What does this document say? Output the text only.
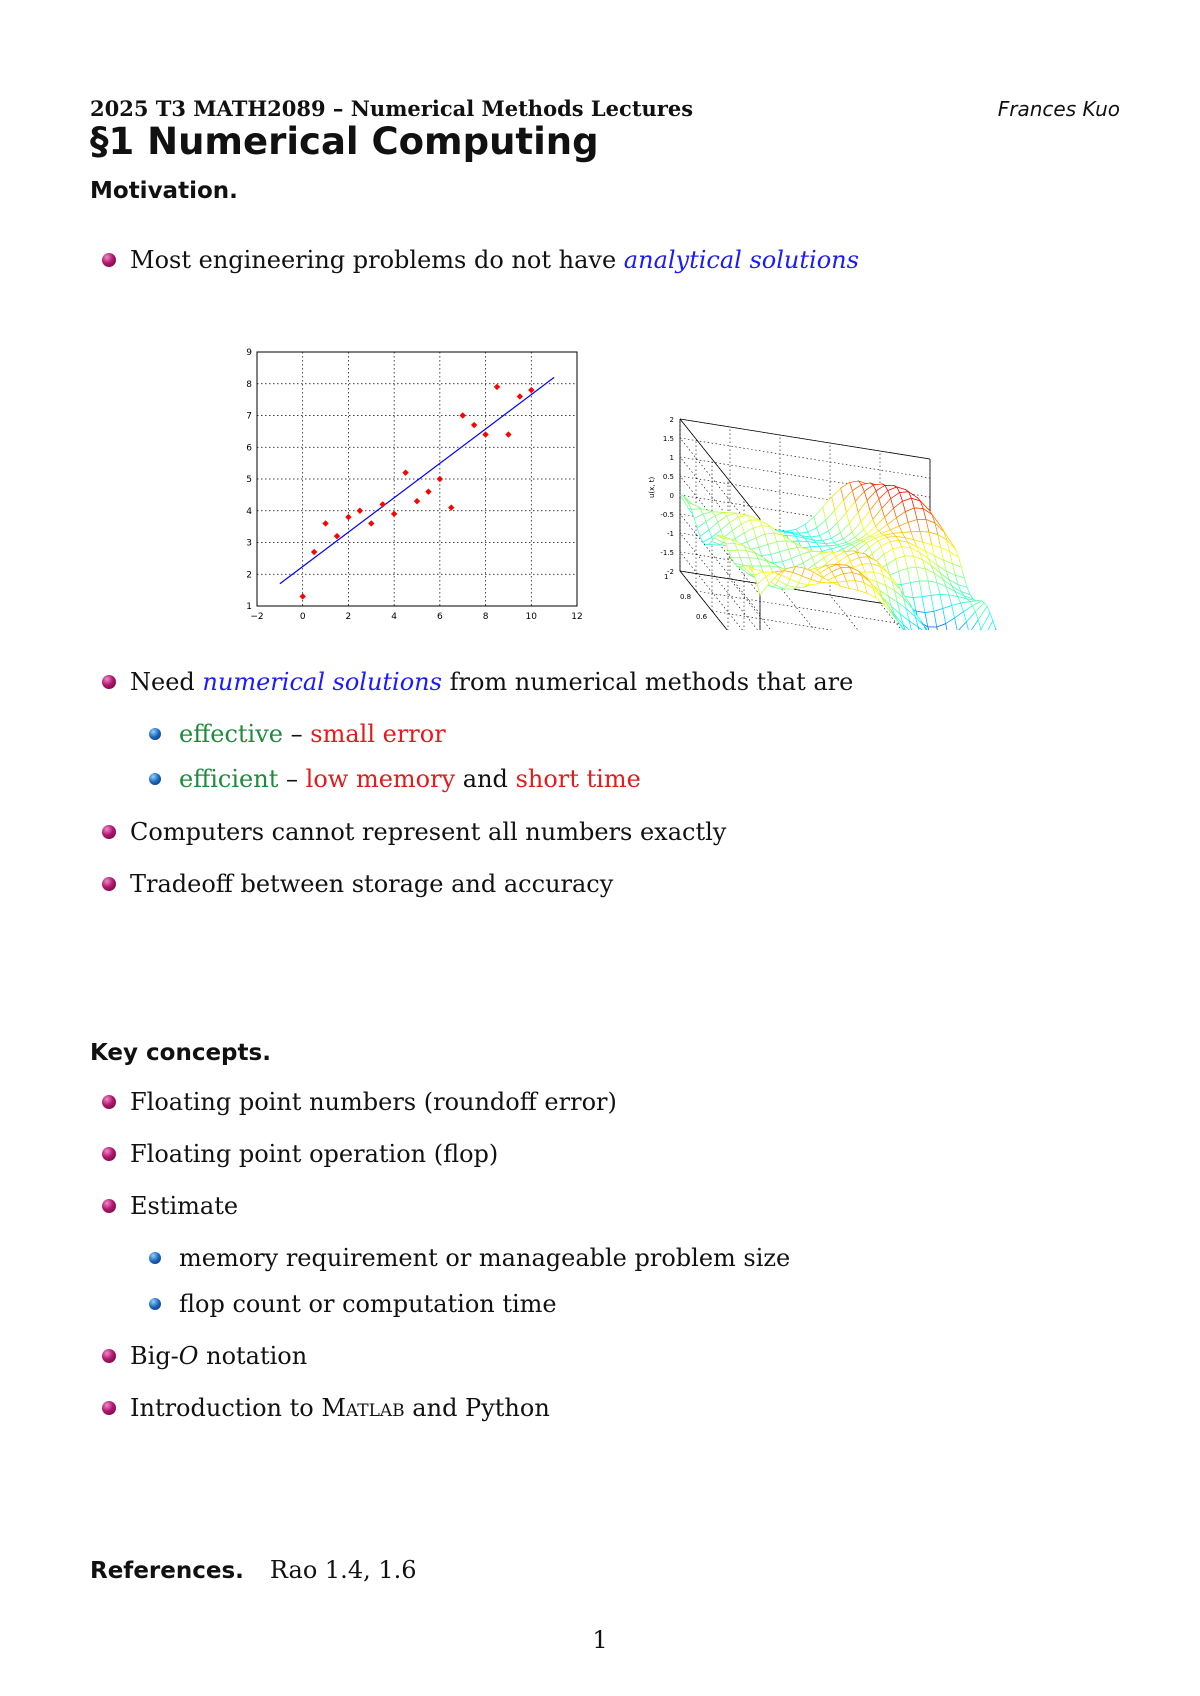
2025 T3 MATH2089 – Numerical Methods Lectures	Frances Kuo
§1 Numerical Computing
Motivation.
Most engineering problems do not have analytical solutions
−2	0	2	4	6	8	10	12
1
2
3
4
5
6
7
8
9
0.6
0.8
1
-2
-1.5
-1
-0.5
0
0.5
1
1.5
2
u(x, t)
Need numerical solutions from numerical methods that are
effective – small error
efficient – low memory and short time
Computers cannot represent all numbers exactly
Tradeoff between storage and accuracy
Key concepts.
Floating point numbers (roundoff error)
Floating point operation (flop)
Estimate
memory requirement or manageable problem size
flop count or computation time
Big-O notation
Introduction to Matlab and Python
References. Rao 1.4, 1.6
1
